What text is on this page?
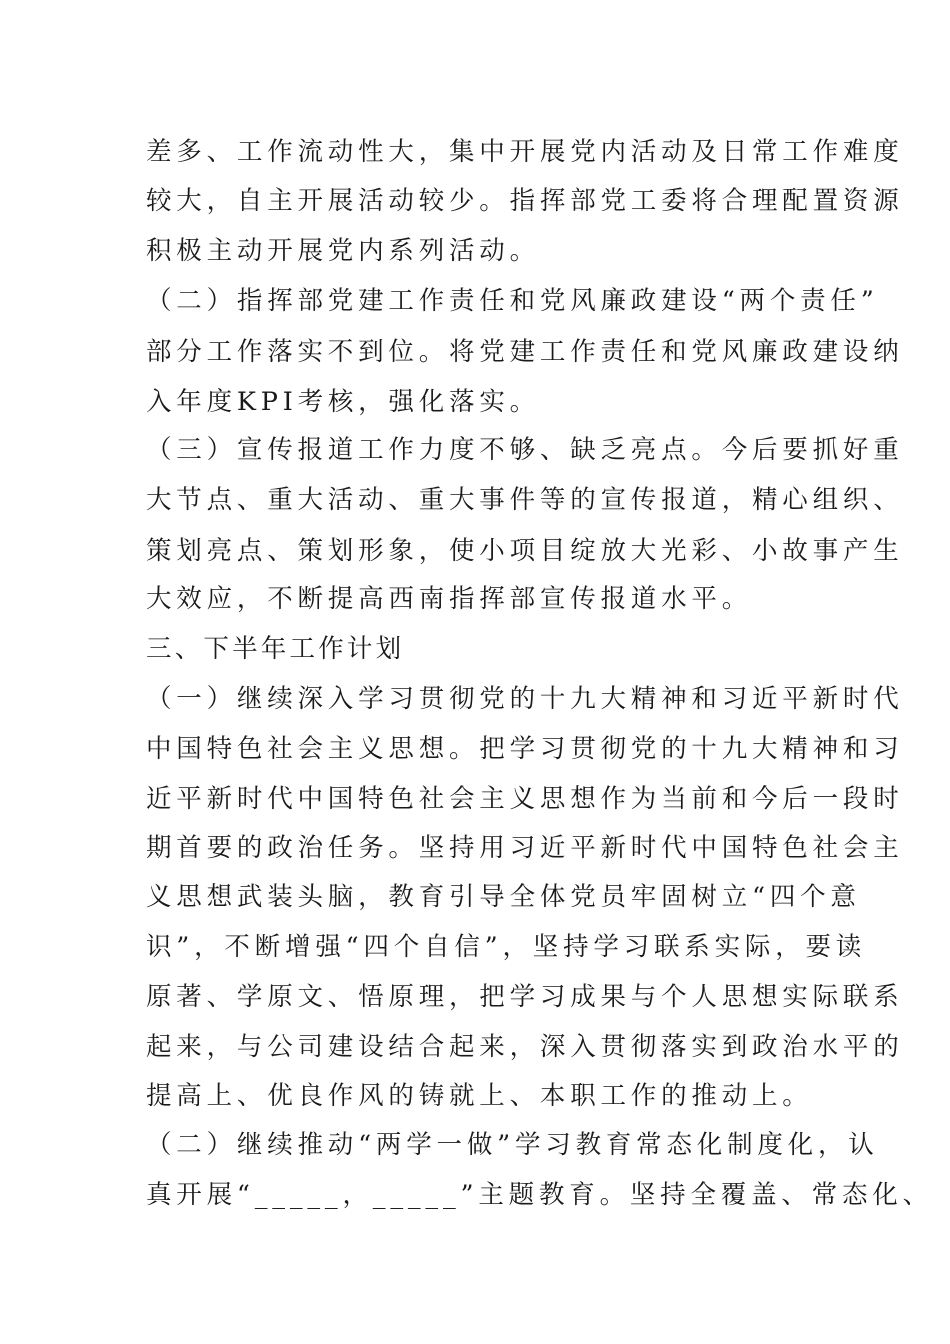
差多、工作流动性大，集中开展党内活动及日常工作难度
较大，自主开展活动较少。指挥部党工委将合理配置资源
积极主动开展党内系列活动。
（二）指挥部党建工作责任和党风廉政建设“两个责任”
部分工作落实不到位。将党建工作责任和党风廉政建设纳
入年度KPI考核，强化落实。
（三）宣传报道工作力度不够、缺乏亮点。今后要抓好重
大节点、重大活动、重大事件等的宣传报道，精心组织、
策划亮点、策划形象，使小项目绽放大光彩、小故事产生
大效应，不断提高西南指挥部宣传报道水平。
三、下半年工作计划
（一）继续深入学习贯彻党的十九大精神和习近平新时代
中国特色社会主义思想。把学习贯彻党的十九大精神和习
近平新时代中国特色社会主义思想作为当前和今后一段时
期首要的政治任务。坚持用习近平新时代中国特色社会主
义思想武装头脑，教育引导全体党员牢固树立“四个意
识”，不断增强“四个自信”，坚持学习联系实际，要读
原著、学原文、悟原理，把学习成果与个人思想实际联系
起来，与公司建设结合起来，深入贯彻落实到政治水平的
提高上、优良作风的铸就上、本职工作的推动上。
（二）继续推动“两学一做”学习教育常态化制度化，认
真开展“_____，_____”主题教育。坚持全覆盖、常态化、
